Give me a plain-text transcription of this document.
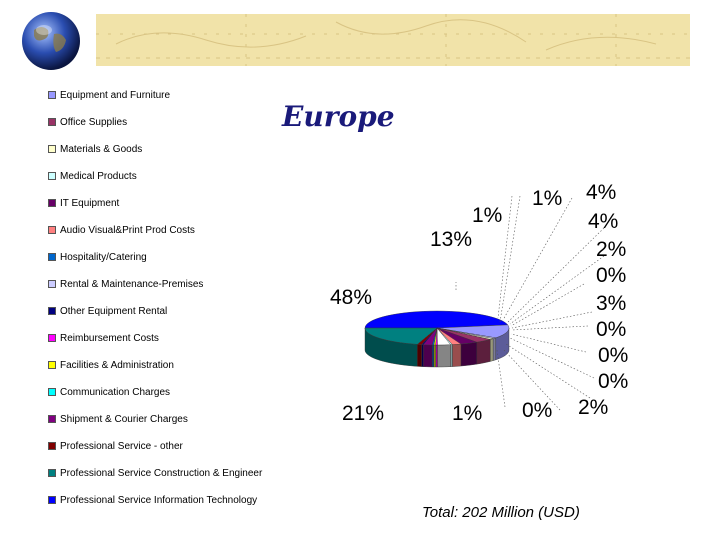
Equipment and Furniture
Office Supplies
Materials & Goods
Medical Products
IT Equipment
Audio Visual&Print Prod Costs
Hospitality/Catering
Rental & Maintenance-Premises
Other Equipment Rental
Reimbursement Costs
Facilities & Administration
Communication Charges
Shipment & Courier Charges
Professional Service - other
Professional Service Construction & Engineer
Professional Service Information Technology
Europe
48%
13%
1%
1% 4%
4%
2%
0%
3%
0%
0%
0%
2%
0%
1%
21%
Total: 202 Million (USD)
